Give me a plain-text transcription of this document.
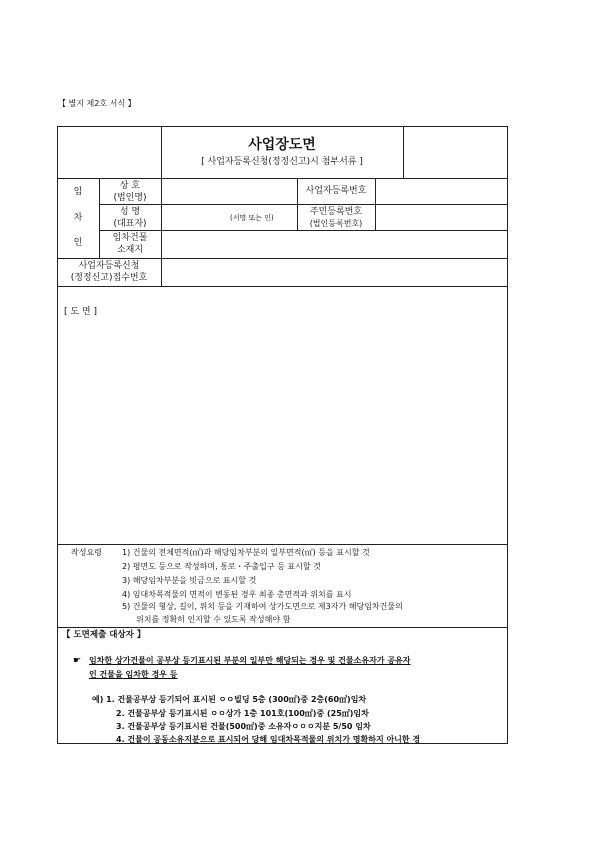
【 별지 제2호 서식 】
사업장도면
[ 사업자등록신청(정정신고)시 첨부서류 ]
임
차
인
상 호
(법인명)
사업자등록번호
성 명
(대표자)
(서명 또는 인)
주민등록번호
(법인등록번호)
임차건물
소재지
사업자등록신청
(정정신고)접수번호
[ 도 면 ]
작성요령	1) 건물의 전체면적(㎡)과 해당임차부분의 일부면적(㎡) 등을 표시할 것
2) 평면도 등으로 작성하며, 통로・주출입구 등 표시할 것
3) 해당임차부분을 빗금으로 표시할 것
4) 임대차목적물의 면적이 변동된 경우 최종 총면적과 위치를 표시
5) 건물의 형상, 길이, 위치 등을 기재하여 상가도면으로 제3자가 해당임차건물의
위치를 정확히 인지할 수 있도록 작성해야 함
【 도면제출 대상자 】
☛ 임차한 상가건물이 공부상 등기표시된 부분의 일부만 해당되는 경우 및 건물소유자가 공유자
인 건물을 임차한 경우 등
예) 1. 건물공부상 등기되어 표시된 ㅇㅇ빌딩 5층 (300㎡)중 2층(60㎡)임차
2. 건물공부상 등기표시된 ㅇㅇ상가 1층 101호(100㎡)중 (25㎡)임차
3. 건물공부상 등기표시된 건물(500㎡)중 소유자ㅇㅇㅇ지분 5/50 임차
4. 건물이 공동소유지분으로 표시되어 당해 임대차목적물의 위치가 명확하지 아니한 경
